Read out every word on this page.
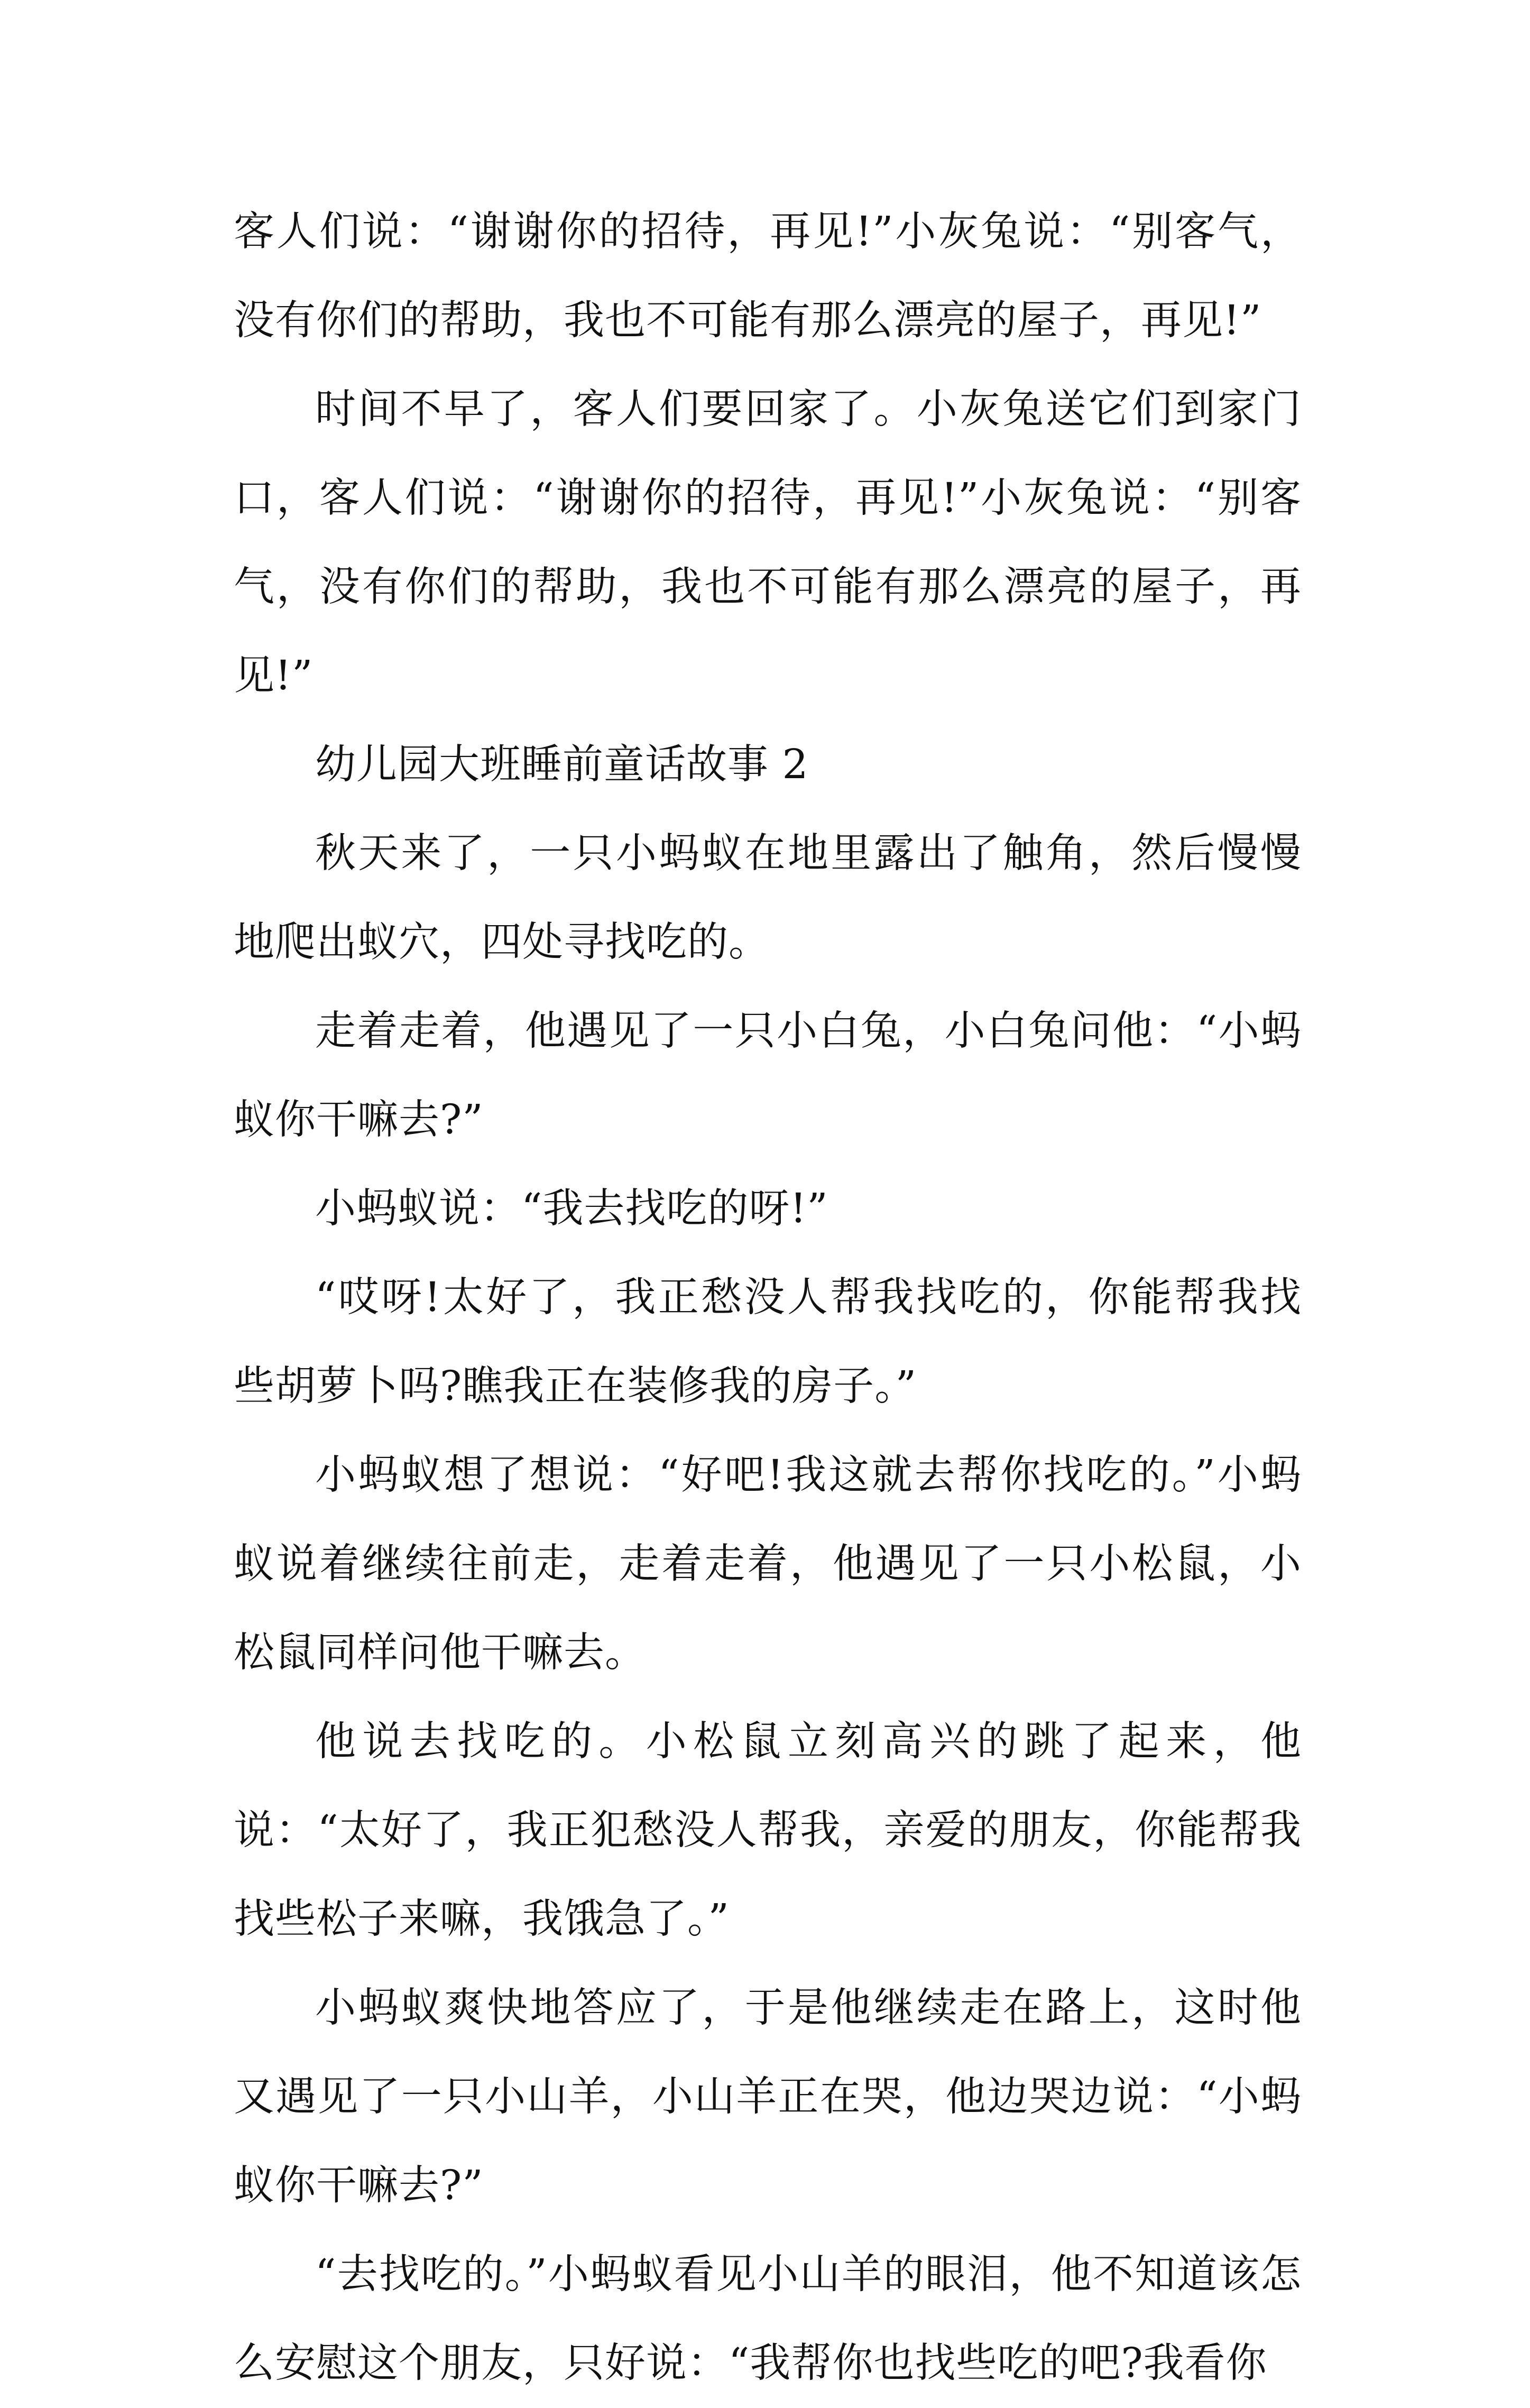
客人们说：“谢谢你的招待，再见!”小灰兔说：“别客气，没有你们的帮助，我也不可能有那么漂亮的屋子，再见!”

时间不早了，客人们要回家了。小灰兔送它们到家门口，客人们说：“谢谢你的招待，再见!”小灰兔说：“别客气，没有你们的帮助，我也不可能有那么漂亮的屋子，再见!”

幼儿园大班睡前童话故事 2

秋天来了，一只小蚂蚁在地里露出了触角，然后慢慢地爬出蚁穴，四处寻找吃的。

走着走着，他遇见了一只小白兔，小白兔问他：“小蚂蚁你干嘛去?”

小蚂蚁说：“我去找吃的呀!”

“哎呀!太好了，我正愁没人帮我找吃的，你能帮我找些胡萝卜吗?瞧我正在装修我的房子。”

小蚂蚁想了想说：“好吧!我这就去帮你找吃的。”小蚂蚁说着继续往前走，走着走着，他遇见了一只小松鼠，小松鼠同样问他干嘛去。

他说去找吃的。小松鼠立刻高兴的跳了起来，他说：“太好了，我正犯愁没人帮我，亲爱的朋友，你能帮我找些松子来嘛，我饿急了。”

小蚂蚁爽快地答应了，于是他继续走在路上，这时他又遇见了一只小山羊，小山羊正在哭，他边哭边说：“小蚂蚁你干嘛去?”

“去找吃的。”小蚂蚁看见小山羊的眼泪，他不知道该怎么安慰这个朋友，只好说：“我帮你也找些吃的吧?我看你
